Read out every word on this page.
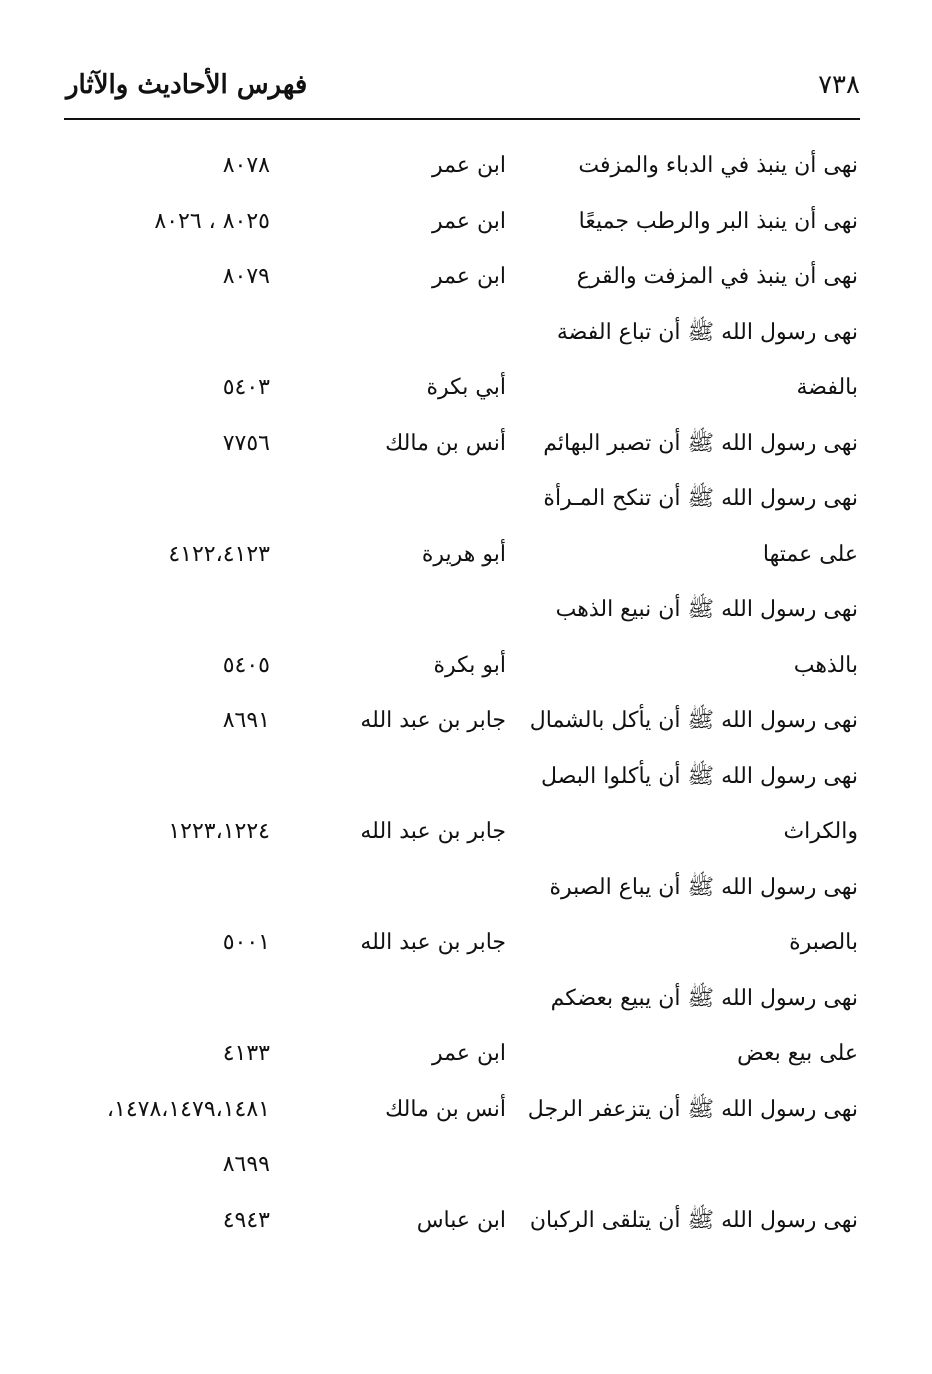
٧٣٨
فهرس الأحاديث والآثار
نهى أن ينبذ في الدباء والمزفت
ابن عمر
٨٠٧٨
نهى أن ينبذ البر والرطب جميعًا
ابن عمر
٨٠٢٥ ، ٨٠٢٦
نهى أن ينبذ في المزفت والقرع
ابن عمر
٨٠٧٩
نهى رسول الله ﷺ أن تباع الفضة
بالفضة
أبي بكرة
٥٤٠٣
نهى رسول الله ﷺ أن تصبر البهائم
أنس بن مالك
٧٧٥٦
نهى رسول الله ﷺ أن تنكح المـرأة
على عمتها
أبو هريرة
٤١٢٢،٤١٢٣
نهى رسول الله ﷺ أن نبيع الذهب
بالذهب
أبو بكرة
٥٤٠٥
نهى رسول الله ﷺ أن يأكل بالشمال
جابر بن عبد الله
٨٦٩١
نهى رسول الله ﷺ أن يأكلوا البصل
والكراث
جابر بن عبد الله
١٢٢٣،١٢٢٤
نهى رسول الله ﷺ أن يباع الصبرة
بالصبرة
جابر بن عبد الله
٥٠٠١
نهى رسول الله ﷺ أن يبيع بعضكم
على بيع بعض
ابن عمر
٤١٣٣
نهى رسول الله ﷺ أن يتزعفر الرجل
أنس بن مالك
١٤٧٨،١٤٧٩،١٤٨١،
٨٦٩٩
نهى رسول الله ﷺ أن يتلقى الركبان
ابن عباس
٤٩٤٣
